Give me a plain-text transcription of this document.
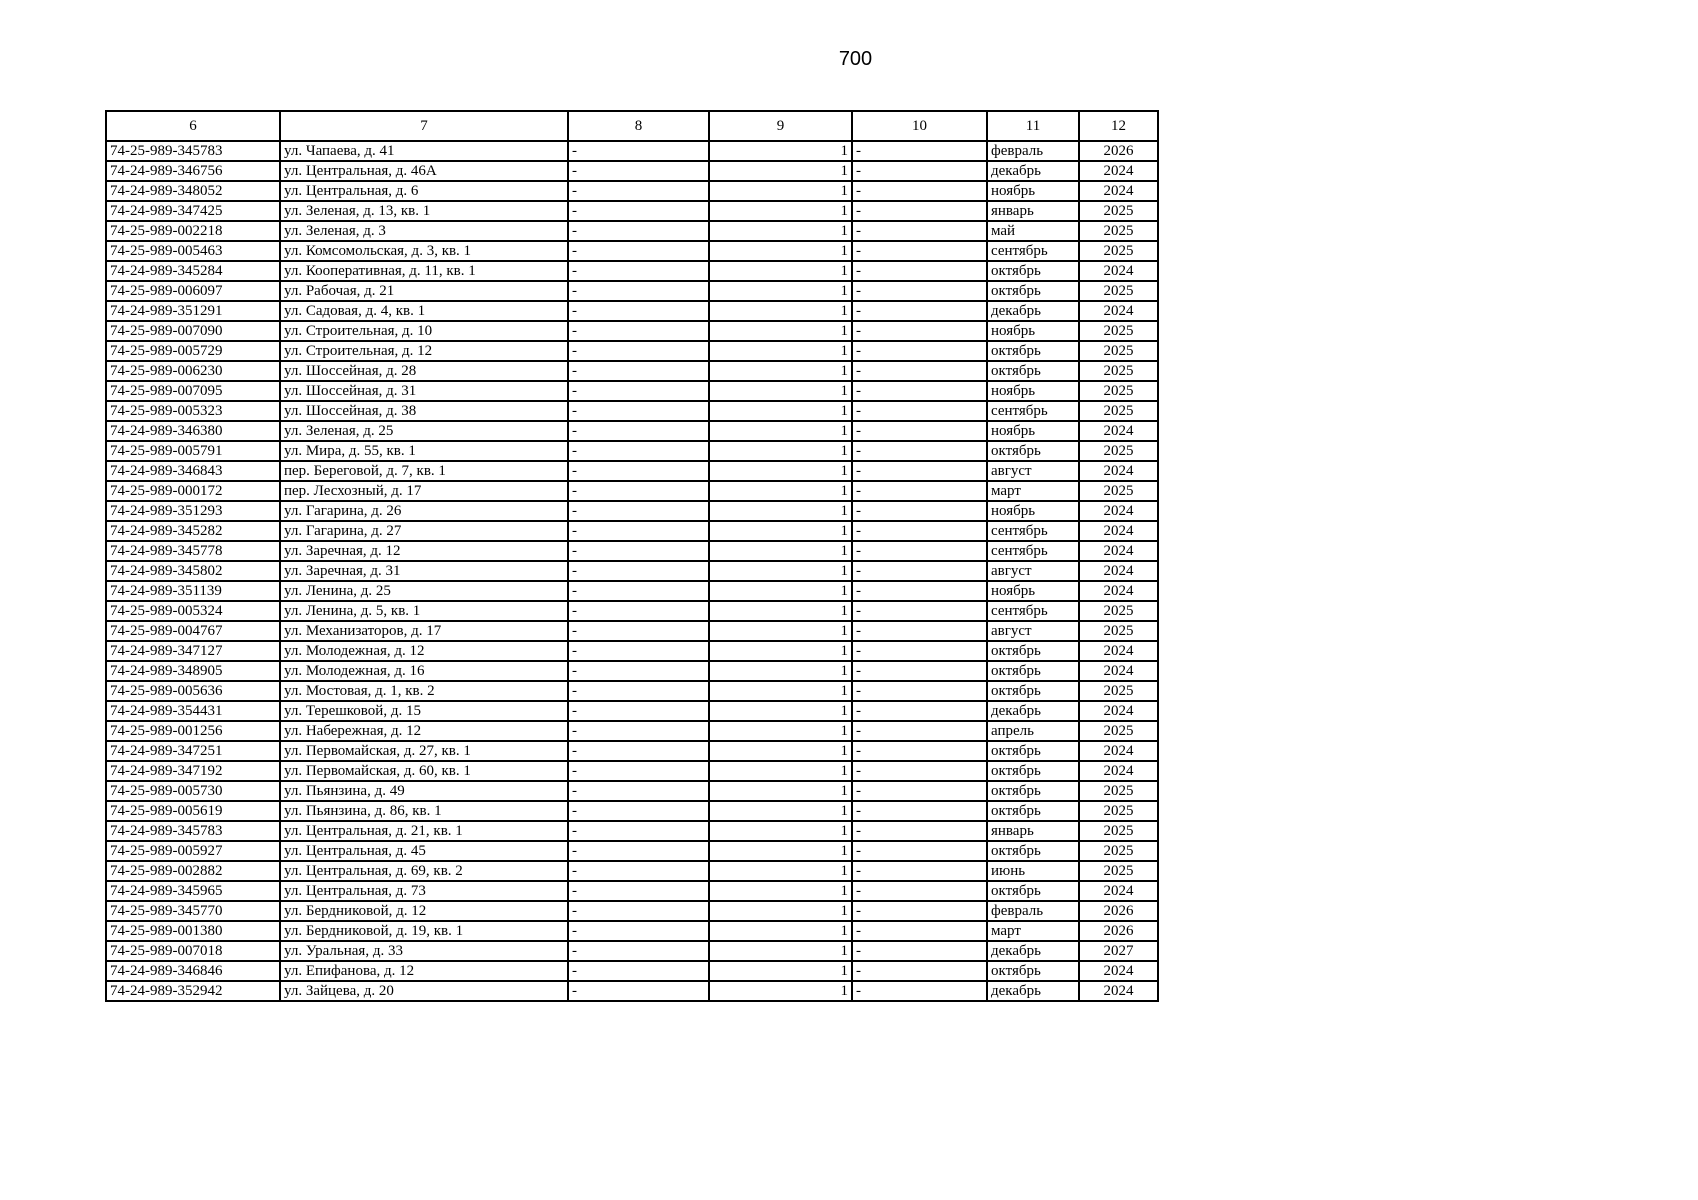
700
6	7	8	9	10	11	12
74-25-989-345783	ул. Чапаева, д. 41	-	1	-	февраль	2026
74-24-989-346756	ул. Центральная, д. 46А	-	1	-	декабрь	2024
74-24-989-348052	ул. Центральная, д. 6	-	1	-	ноябрь	2024
74-24-989-347425	ул. Зеленая, д. 13, кв. 1	-	1	-	январь	2025
74-25-989-002218	ул. Зеленая, д. 3	-	1	-	май	2025
74-25-989-005463	ул. Комсомольская, д. 3, кв. 1	-	1	-	сентябрь	2025
74-24-989-345284	ул. Кооперативная, д. 11, кв. 1	-	1	-	октябрь	2024
74-25-989-006097	ул. Рабочая, д. 21	-	1	-	октябрь	2025
74-24-989-351291	ул. Садовая, д. 4, кв. 1	-	1	-	декабрь	2024
74-25-989-007090	ул. Строительная, д. 10	-	1	-	ноябрь	2025
74-25-989-005729	ул. Строительная, д. 12	-	1	-	октябрь	2025
74-25-989-006230	ул. Шоссейная, д. 28	-	1	-	октябрь	2025
74-25-989-007095	ул. Шоссейная, д. 31	-	1	-	ноябрь	2025
74-25-989-005323	ул. Шоссейная, д. 38	-	1	-	сентябрь	2025
74-24-989-346380	ул. Зеленая, д. 25	-	1	-	ноябрь	2024
74-25-989-005791	ул. Мира, д. 55, кв. 1	-	1	-	октябрь	2025
74-24-989-346843	пер. Береговой, д. 7, кв. 1	-	1	-	август	2024
74-25-989-000172	пер. Лесхозный, д. 17	-	1	-	март	2025
74-24-989-351293	ул. Гагарина, д. 26	-	1	-	ноябрь	2024
74-24-989-345282	ул. Гагарина, д. 27	-	1	-	сентябрь	2024
74-24-989-345778	ул. Заречная, д. 12	-	1	-	сентябрь	2024
74-24-989-345802	ул. Заречная, д. 31	-	1	-	август	2024
74-24-989-351139	ул. Ленина, д. 25	-	1	-	ноябрь	2024
74-25-989-005324	ул. Ленина, д. 5, кв. 1	-	1	-	сентябрь	2025
74-25-989-004767	ул. Механизаторов, д. 17	-	1	-	август	2025
74-24-989-347127	ул. Молодежная, д. 12	-	1	-	октябрь	2024
74-24-989-348905	ул. Молодежная, д. 16	-	1	-	октябрь	2024
74-25-989-005636	ул. Мостовая, д. 1, кв. 2	-	1	-	октябрь	2025
74-24-989-354431	ул. Терешковой, д. 15	-	1	-	декабрь	2024
74-25-989-001256	ул. Набережная, д. 12	-	1	-	апрель	2025
74-24-989-347251	ул. Первомайская, д. 27, кв. 1	-	1	-	октябрь	2024
74-24-989-347192	ул. Первомайская, д. 60, кв. 1	-	1	-	октябрь	2024
74-25-989-005730	ул. Пьянзина, д. 49	-	1	-	октябрь	2025
74-25-989-005619	ул. Пьянзина, д. 86, кв. 1	-	1	-	октябрь	2025
74-24-989-345783	ул. Центральная, д. 21, кв. 1	-	1	-	январь	2025
74-25-989-005927	ул. Центральная, д. 45	-	1	-	октябрь	2025
74-25-989-002882	ул. Центральная, д. 69, кв. 2	-	1	-	июнь	2025
74-24-989-345965	ул. Центральная, д. 73	-	1	-	октябрь	2024
74-25-989-345770	ул. Бердниковой, д. 12	-	1	-	февраль	2026
74-25-989-001380	ул. Бердниковой, д. 19, кв. 1	-	1	-	март	2026
74-25-989-007018	ул. Уральная, д. 33	-	1	-	декабрь	2027
74-24-989-346846	ул. Епифанова, д. 12	-	1	-	октябрь	2024
74-24-989-352942	ул. Зайцева, д. 20	-	1	-	декабрь	2024
